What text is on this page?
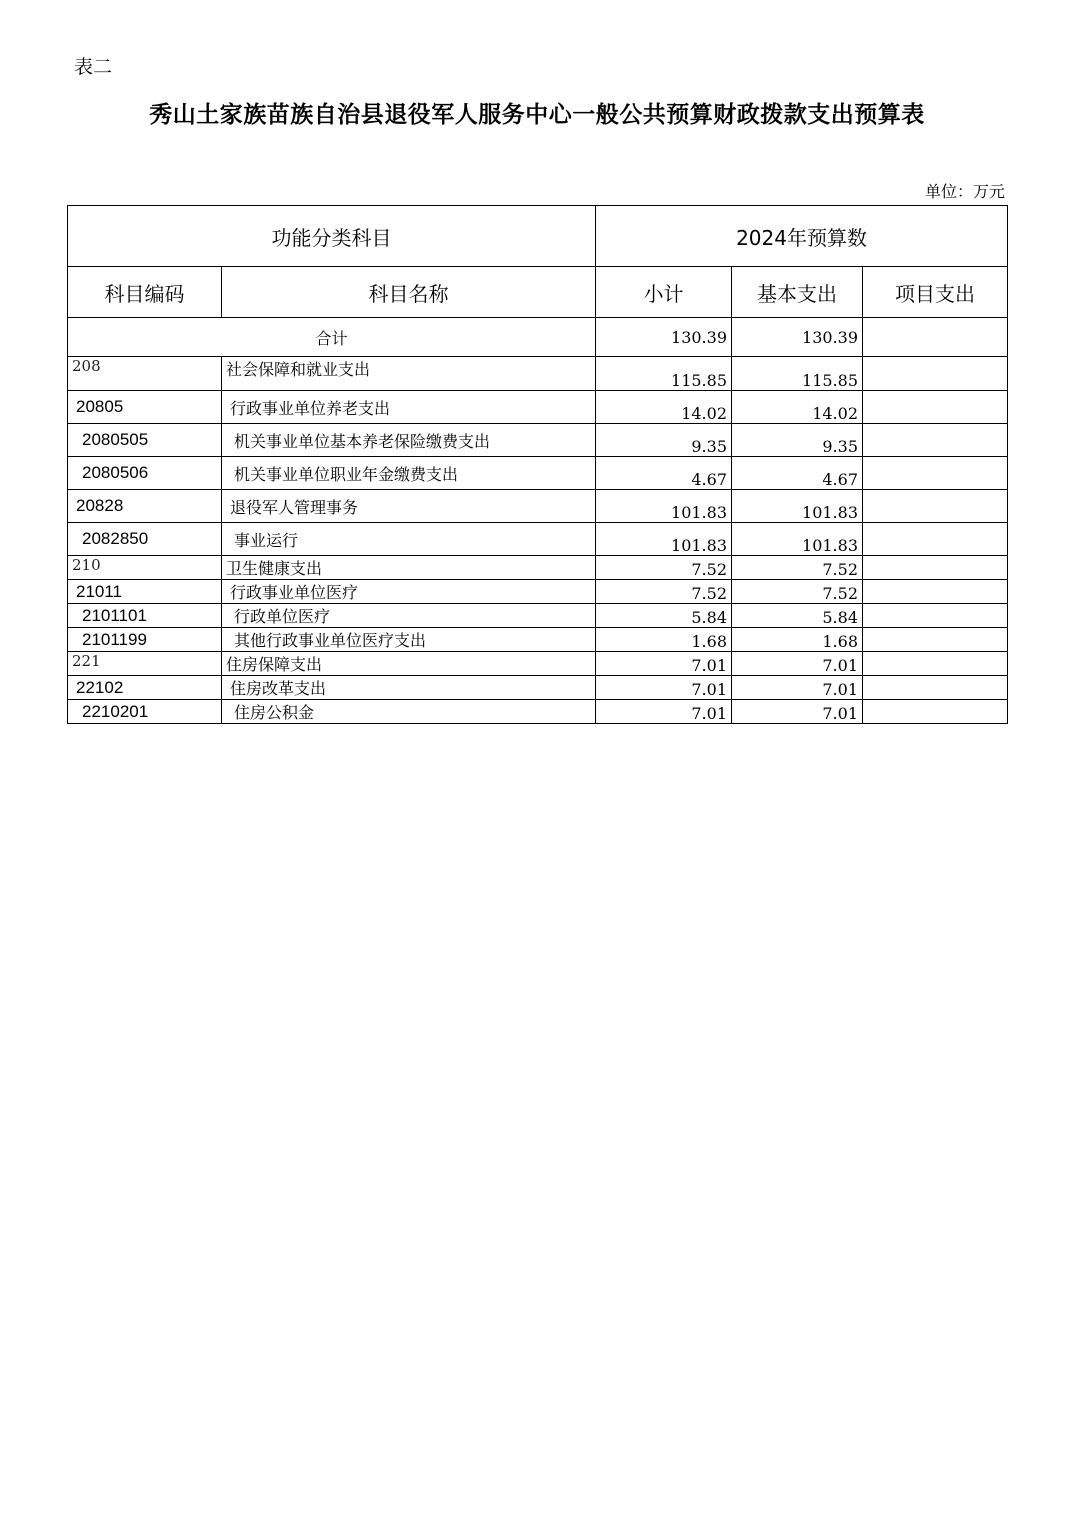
表二
秀山土家族苗族自治县退役军人服务中心一般公共预算财政拨款支出预算表
单位：万元
功能分类科目		2024年预算数		
科目编码	科目名称	小计	基本支出	项目支出
合计		130.39	130.39	
208	社会保障和就业支出	115.85	115.85	
20805	行政事业单位养老支出	14.02	14.02	
2080505	机关事业单位基本养老保险缴费支出	9.35	9.35	
2080506	机关事业单位职业年金缴费支出	4.67	4.67	
20828	退役军人管理事务	101.83	101.83	
2082850	事业运行	101.83	101.83	
210	卫生健康支出	7.52	7.52	
21011	行政事业单位医疗	7.52	7.52	
2101101	行政单位医疗	5.84	5.84	
2101199	其他行政事业单位医疗支出	1.68	1.68	
221	住房保障支出	7.01	7.01	
22102	住房改革支出	7.01	7.01	
2210201	住房公积金	7.01	7.01	
